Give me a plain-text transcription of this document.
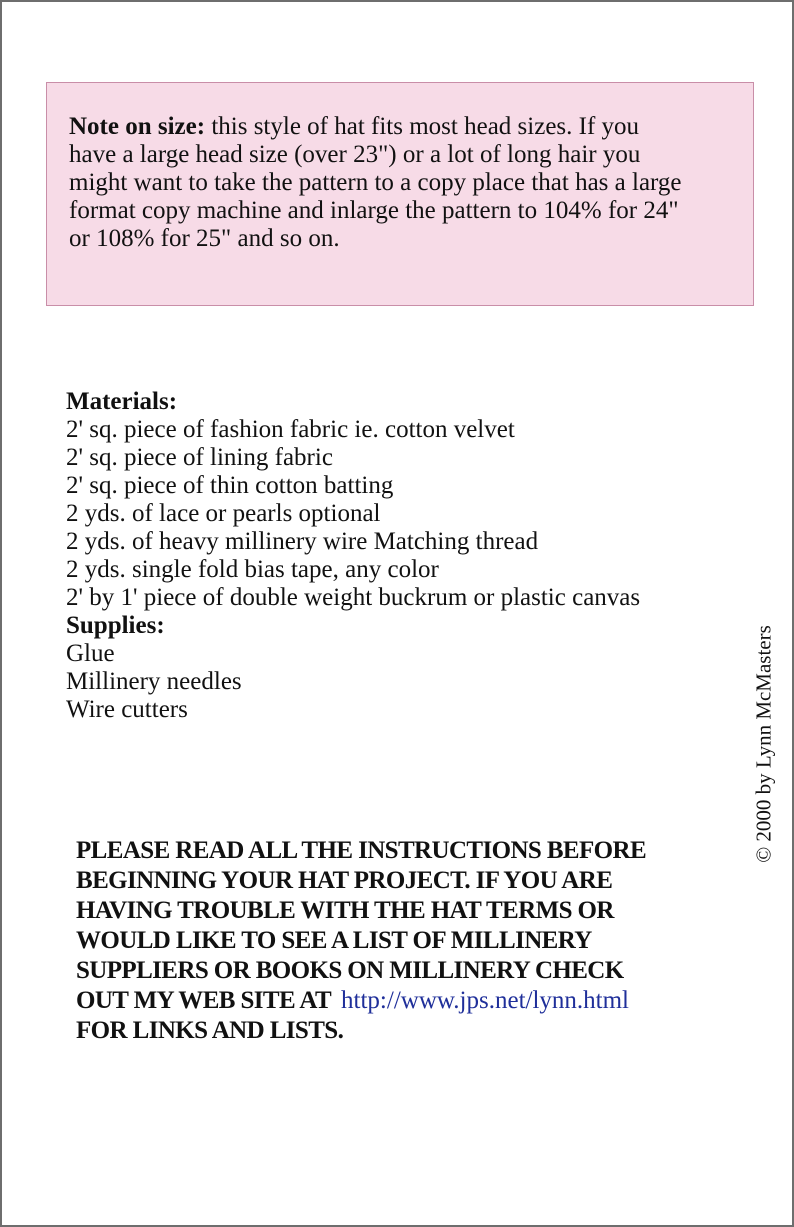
Note on size: this style of hat fits most head sizes. If you
have a large head size (over 23") or a lot of long hair you
might want to take the pattern to a copy place that has a large
format copy machine and inlarge the pattern to 104% for 24"
or 108% for 25" and so on.
Materials:
2' sq. piece of fashion fabric ie. cotton velvet
2' sq. piece of lining fabric
2' sq. piece of thin cotton batting
2 yds. of lace or pearls optional
2 yds. of heavy millinery wire Matching thread
2 yds. single fold bias tape, any color
2' by 1' piece of double weight buckrum or plastic canvas
Supplies:
Glue
Millinery needles
Wire cutters
PLEASE READ ALL THE INSTRUCTIONS BEFORE
BEGINNING YOUR HAT PROJECT. IF YOU ARE
HAVING TROUBLE WITH THE HAT TERMS OR
WOULD LIKE TO SEE A LIST OF MILLINERY
SUPPLIERS OR BOOKS ON MILLINERY CHECK
OUT MY WEB SITE AT http://www.jps.net/lynn.html
FOR LINKS AND LISTS.
© 2000 by Lynn McMasters
